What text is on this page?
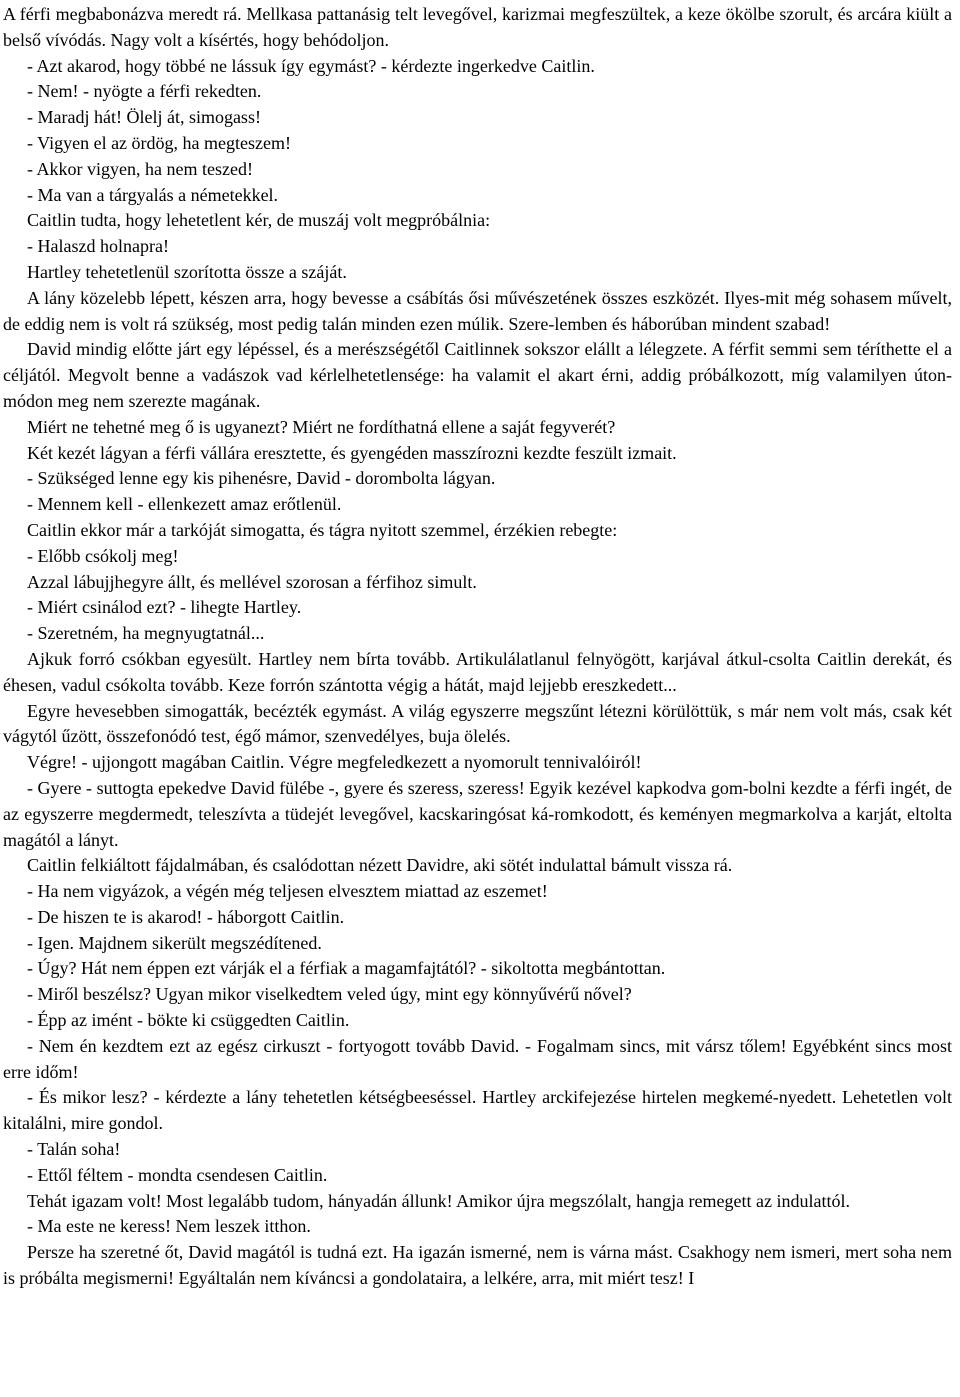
A férfi megbabonázva meredt rá. Mellkasa pattanásig telt levegővel, karizmai megfeszültek, a keze ökölbe szorult, és arcára kiült a belső vívódás. Nagy volt a kísértés, hogy behódoljon.

- Azt akarod, hogy többé ne lássuk így egymást? - kérdezte ingerkedve Caitlin.

- Nem! - nyögte a férfi rekedten.

- Maradj hát! Ölelj át, simogass!

- Vigyen el az ördög, ha megteszem!

- Akkor vigyen, ha nem teszed!

- Ma van a tárgyalás a németekkel.

Caitlin tudta, hogy lehetetlent kér, de muszáj volt megpróbálnia:

- Halaszd holnapra!

Hartley tehetetlenül szorította össze a száját.

A lány közelebb lépett, készen arra, hogy bevesse a csábítás ősi művészetének összes eszközét. Ilyes-mit még sohasem művelt, de eddig nem is volt rá szükség, most pedig talán minden ezen múlik. Szere-lemben és háborúban mindent szabad!

David mindig előtte járt egy lépéssel, és a merészségétől Caitlinnek sokszor elállt a lélegzete. A férfit semmi sem téríthette el a céljától. Megvolt benne a vadászok vad kérlelhetetlensége: ha valamit el akart érni, addig próbálkozott, míg valamilyen úton-módon meg nem szerezte magának.

Miért ne tehetné meg ő is ugyanezt? Miért ne fordíthatná ellene a saját fegyverét?

Két kezét lágyan a férfi vállára eresztette, és gyengéden masszírozni kezdte feszült izmait.

- Szükséged lenne egy kis pihenésre, David - dorombolta lágyan.

- Mennem kell - ellenkezett amaz erőtlenül.

Caitlin ekkor már a tarkóját simogatta, és tágra nyitott szemmel, érzékien rebegte:

- Előbb csókolj meg!

Azzal lábujjhegyre állt, és mellével szorosan a férfihoz simult.

- Miért csinálod ezt? - lihegte Hartley.

- Szeretném, ha megnyugtatnál...

Ajkuk forró csókban egyesült. Hartley nem bírta tovább. Artikulálatlanul felnyögött, karjával átkul-csolta Caitlin derekát, és éhesen, vadul csókolta tovább. Keze forrón szántotta végig a hátát, majd lejjebb ereszkedett...

Egyre hevesebben simogatták, becézték egymást. A világ egyszerre megszűnt létezni körülöttük, s már nem volt más, csak két vágytól űzött, összefonódó test, égő mámor, szenvedélyes, buja ölelés.

Végre! - ujjongott magában Caitlin. Végre megfeledkezett a nyomorult tennivalóiról!

- Gyere - suttogta epekedve David fülébe -, gyere és szeress, szeress! Egyik kezével kapkodva gom-bolni kezdte a férfi ingét, de az egyszerre megdermedt, teleszívta a tüdejét levegővel, kacskaringósat ká-romkodott, és keményen megmarkolva a karját, eltolta magától a lányt.

Caitlin felkiáltott fájdalmában, és csalódottan nézett Davidre, aki sötét indulattal bámult vissza rá.

- Ha nem vigyázok, a végén még teljesen elvesztem miattad az eszemet!

- De hiszen te is akarod! - háborgott Caitlin.

- Igen. Majdnem sikerült megszédítened.

- Úgy? Hát nem éppen ezt várják el a férfiak a magamfajtától? - sikoltotta megbántottan.

- Miről beszélsz? Ugyan mikor viselkedtem veled úgy, mint egy könnyűvérű nővel?

- Épp az imént - bökte ki csüggedten Caitlin.

- Nem én kezdtem ezt az egész cirkuszt - fortyogott tovább David. - Fogalmam sincs, mit vársz tőlem! Egyébként sincs most erre időm!

- És mikor lesz? - kérdezte a lány tehetetlen kétségbeeséssel. Hartley arckifejezése hirtelen megkemé-nyedett. Lehetetlen volt kitalálni, mire gondol.

- Talán soha!

- Ettől féltem - mondta csendesen Caitlin.

Tehát igazam volt! Most legalább tudom, hányadán állunk! Amikor újra megszólalt, hangja remegett az indulattól.

- Ma este ne keress! Nem leszek itthon.

Persze ha szeretné őt, David magától is tudná ezt. Ha igazán ismerné, nem is várna mást. Csakhogy nem ismeri, mert soha nem is próbálta megismerni! Egyáltalán nem kíváncsi a gondolataira, a lelkére, arra, mit miért tesz! I
